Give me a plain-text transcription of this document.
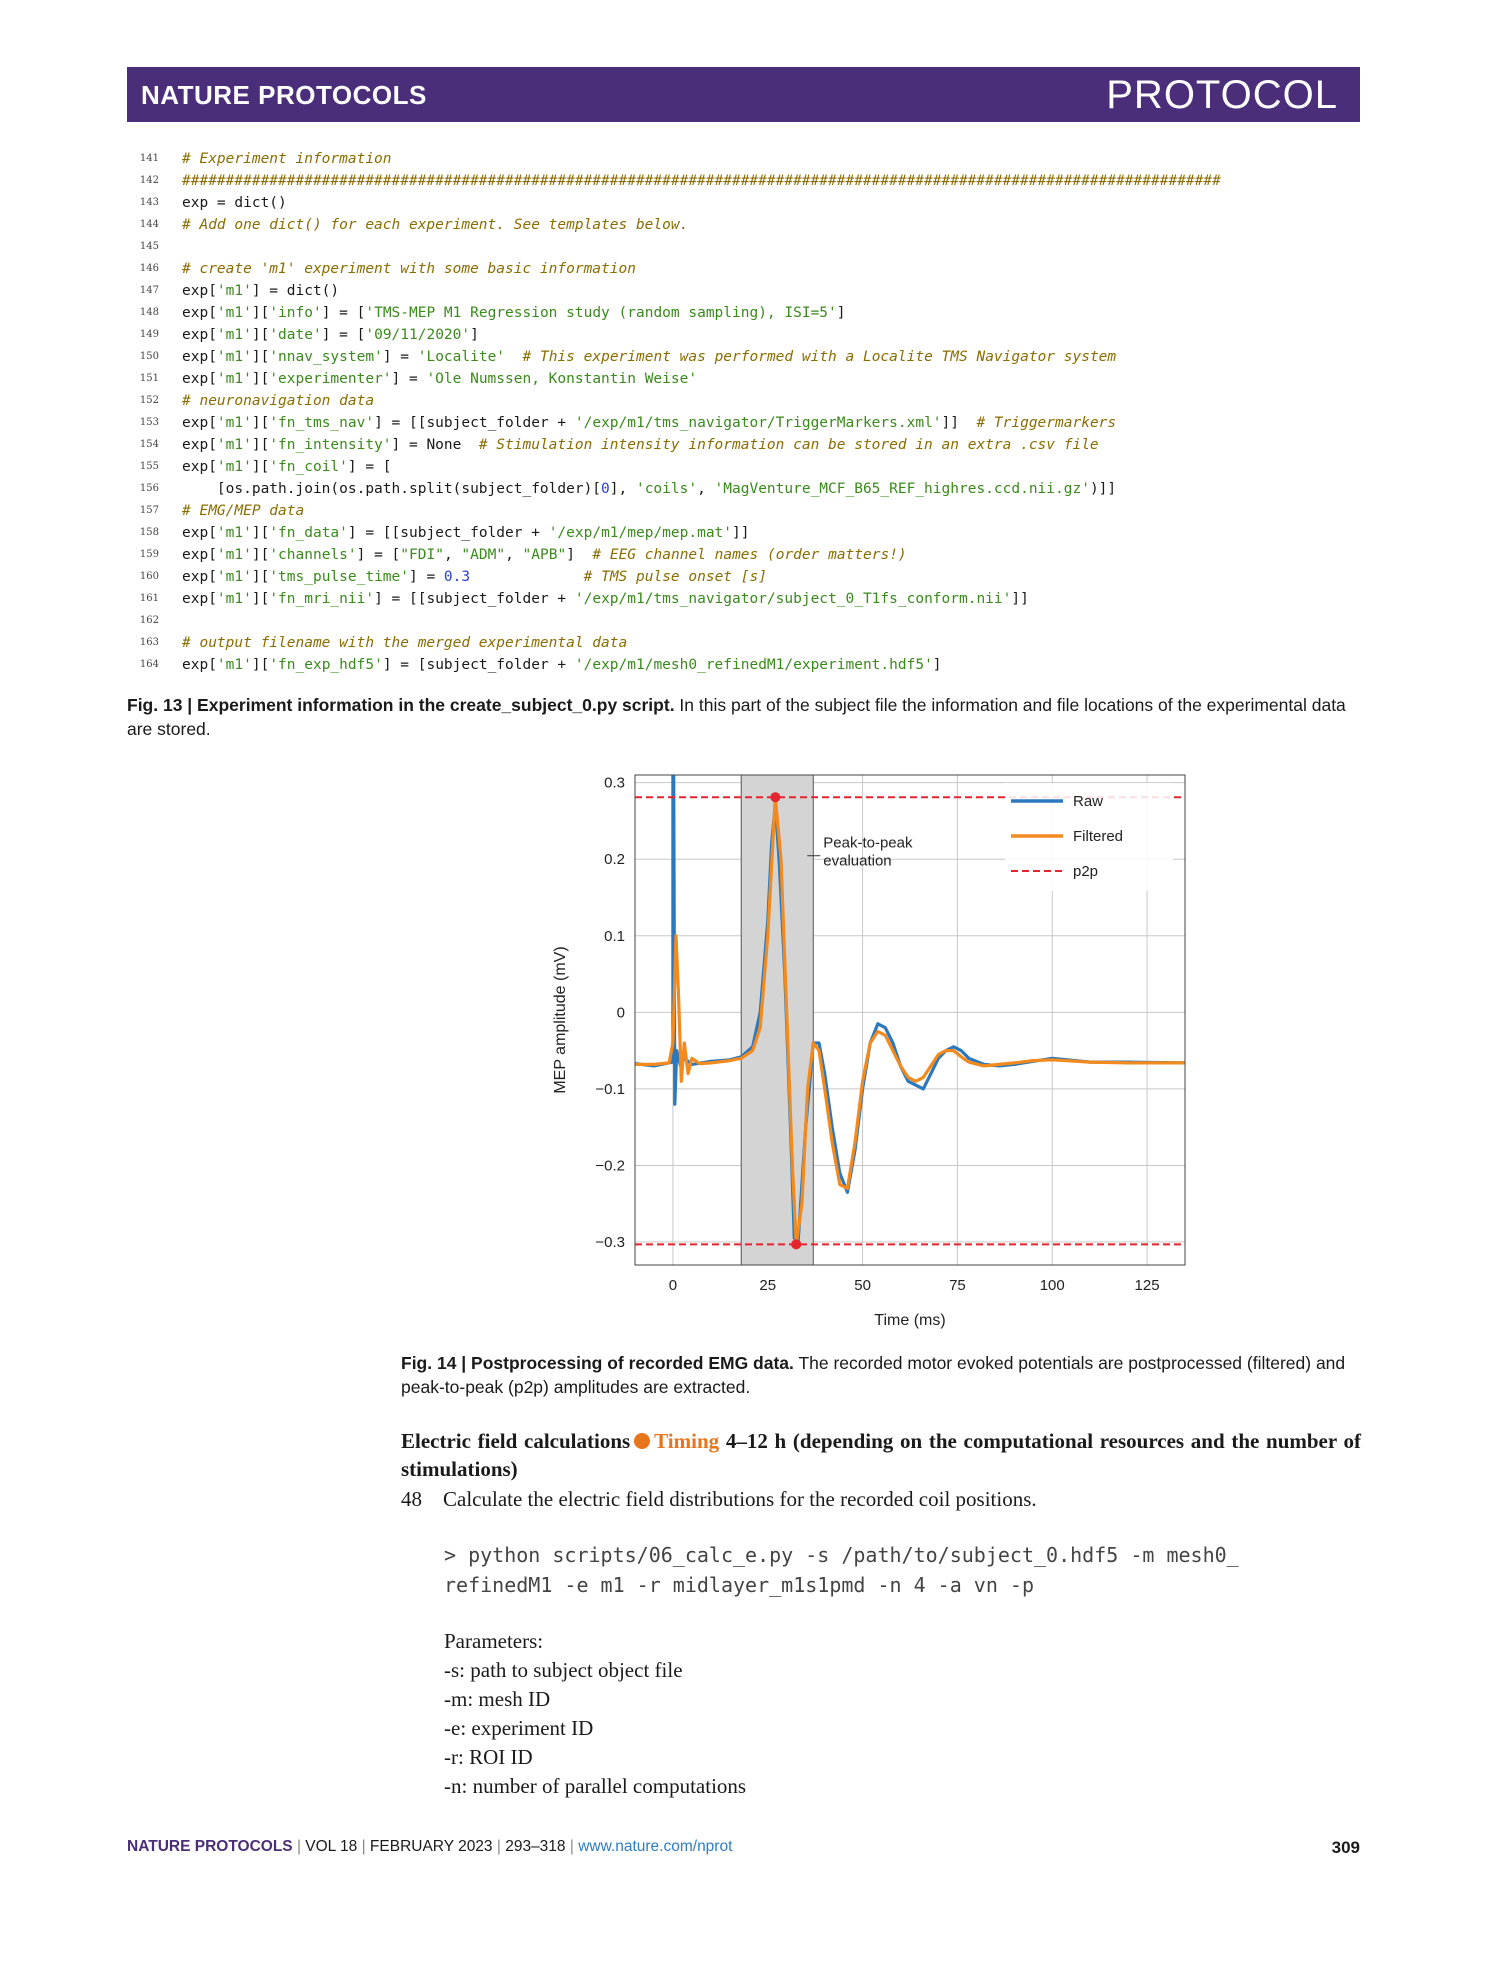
NATURE PROTOCOLS	PROTOCOL
141 # Experiment information
142 #######################################################################################################################
143 exp = dict()
144 # Add one dict() for each experiment. See templates below.
145
146 # create 'm1' experiment with some basic information
147 exp['m1'] = dict()
148 exp['m1']['info'] = ['TMS-MEP M1 Regression study (random sampling), ISI=5']
149 exp['m1']['date'] = ['09/11/2020']
150 exp['m1']['nnav_system'] = 'Localite' # This experiment was performed with a Localite TMS Navigator system
151 exp['m1']['experimenter'] = 'Ole Numssen, Konstantin Weise'
152 # neuronavigation data
153 exp['m1']['fn_tms_nav'] = [[subject_folder + '/exp/m1/tms_navigator/TriggerMarkers.xml']]  # Triggermarkers
154 exp['m1']['fn_intensity'] = None  # Stimulation intensity information can be stored in an extra .csv file
155 exp['m1']['fn_coil'] = [
156 [os.path.join(os.path.split(subject_folder)[0], 'coils', 'MagVenture_MCF_B65_REF_highres.ccd.nii.gz')]]
157 # EMG/MEP data
158 exp['m1']['fn_data'] = [[subject_folder + '/exp/m1/mep/mep.mat']]
159 exp['m1']['channels'] = ["FDI", "ADM", "APB"]  # EEG channel names (order matters!)
160 exp['m1']['tms_pulse_time'] = 0.3	# TMS pulse onset [s]
161 exp['m1']['fn_mri_nii'] = [[subject_folder + '/exp/m1/tms_navigator/subject_0_T1fs_conform.nii']]
162
163 # output filename with the merged experimental data
164 exp['m1']['fn_exp_hdf5'] = [subject_folder + '/exp/m1/mesh0_refinedM1/experiment.hdf5']
Fig. 13 | Experiment information in the create_subject_0.py script. In this part of the subject file the information and file locations of the experimental data are stored.
0	25	50	75	100	125
−0.3
−0.2
−0.1
0
0.1
0.2
0.3
Time (ms)
MEP amplitude (mV)
Peak-to-peak
evaluation
Raw
Filtered
p2p
Fig. 14 | Postprocessing of recorded EMG data. The recorded motor evoked potentials are postprocessed (filtered) and peak-to-peak (p2p) amplitudes are extracted.
Electric field calculations Timing 4–12 h (depending on the computational resources and the number of stimulations)
48 Calculate the electric field distributions for the recorded coil positions.
> python scripts/06_calc_e.py -s /path/to/subject_0.hdf5 -m mesh0_
refinedM1 -e m1 -r midlayer_m1s1pmd -n 4 -a vn -p
Parameters:
-s: path to subject object file
-m: mesh ID
-e: experiment ID
-r: ROI ID
-n: number of parallel computations
NATURE PROTOCOLS | VOL 18 | FEBRUARY 2023 | 293–318 | www.nature.com/nprot	309
